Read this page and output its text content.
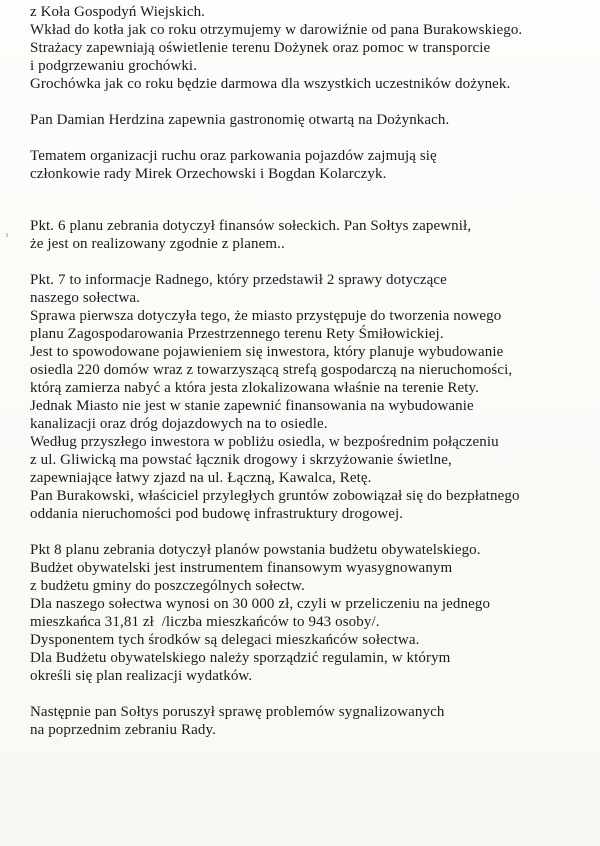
z Koła Gospodyń Wiejskich.
Wkład do kotła jak co roku otrzymujemy w darowiźnie od pana Burakowskiego.
Strażacy zapewniają oświetlenie terenu Dożynek oraz pomoc w transporcie
i podgrzewaniu grochówki.
Grochówka jak co roku będzie darmowa dla wszystkich uczestników dożynek.
Pan Damian Herdzina zapewnia gastronomię otwartą na Dożynkach.
Tematem organizacji ruchu oraz parkowania pojazdów zajmują się
członkowie rady Mirek Orzechowski i Bogdan Kolarczyk.
Pkt. 6 planu zebrania dotyczył finansów sołeckich. Pan Sołtys zapewnił,
że jest on realizowany zgodnie z planem..
Pkt. 7 to informacje Radnego, który przedstawił 2 sprawy dotyczące
naszego sołectwa.
Sprawa pierwsza dotyczyła tego, że miasto przystępuje do tworzenia nowego
planu Zagospodarowania Przestrzennego terenu Rety Śmiłowickiej.
Jest to spowodowane pojawieniem się inwestora, który planuje wybudowanie
osiedla 220 domów wraz z towarzyszącą strefą gospodarczą na nieruchomości,
którą zamierza nabyć a która jesta zlokalizowana właśnie na terenie Rety.
Jednak Miasto nie jest w stanie zapewnić finansowania na wybudowanie
kanalizacji oraz dróg dojazdowych na to osiedle.
Według przyszłego inwestora w pobliżu osiedla, w bezpośrednim połączeniu
z ul. Gliwicką ma powstać łącznik drogowy i skrzyżowanie świetlne,
zapewniające łatwy zjazd na ul. Łączną, Kawalca, Retę.
Pan Burakowski, właściciel przyległych gruntów zobowiązał się do bezpłatnego
oddania nieruchomości pod budowę infrastruktury drogowej.
Pkt 8 planu zebrania dotyczył planów powstania budżetu obywatelskiego.
Budżet obywatelski jest instrumentem finansowym wyasygnowanym
z budżetu gminy do poszczególnych sołectw.
Dla naszego sołectwa wynosi on 30 000 zł, czyli w przeliczeniu na jednego
mieszkańca 31,81 zł  /liczba mieszkańców to 943 osoby/.
Dysponentem tych środków są delegaci mieszkańców sołectwa.
Dla Budżetu obywatelskiego należy sporządzić regulamin, w którym
określi się plan realizacji wydatków.
Następnie pan Sołtys poruszył sprawę problemów sygnalizowanych
na poprzednim zebraniu Rady.
